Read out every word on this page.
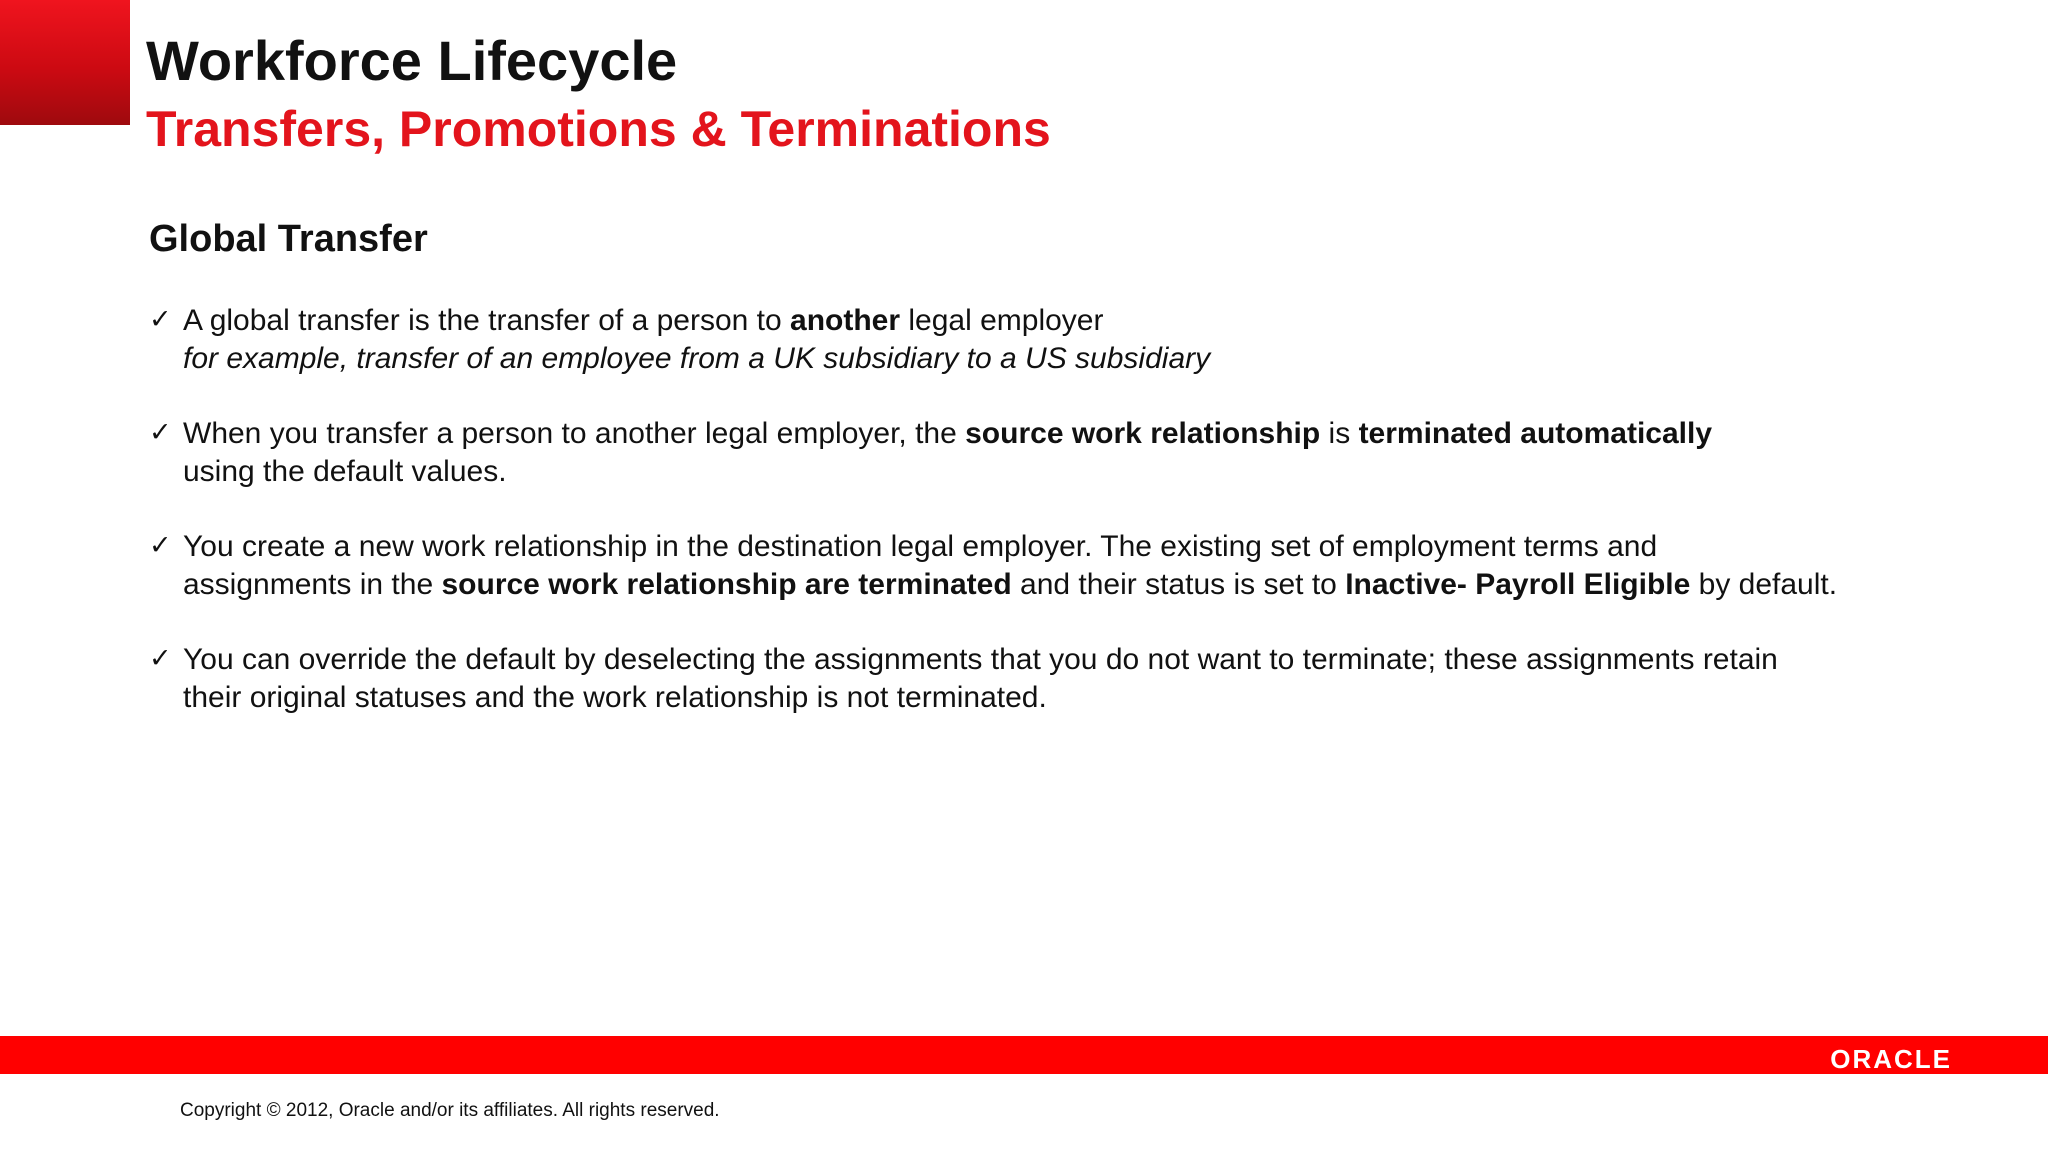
Workforce Lifecycle
Transfers, Promotions & Terminations
Global Transfer
✓ A global transfer is the transfer of a person to another legal employer
for example, transfer of an employee from a UK subsidiary to a US subsidiary
✓ When you transfer a person to another legal employer, the source work relationship is terminated automatically
using the default values.
✓ You create a new work relationship in the destination legal employer. The existing set of employment terms and
assignments in the source work relationship are terminated and their status is set to Inactive- Payroll Eligible by default.
✓ You can override the default by deselecting the assignments that you do not want to terminate; these assignments retain
their original statuses and the work relationship is not terminated.
ORACLE
Copyright © 2012, Oracle and/or its affiliates. All rights reserved.
